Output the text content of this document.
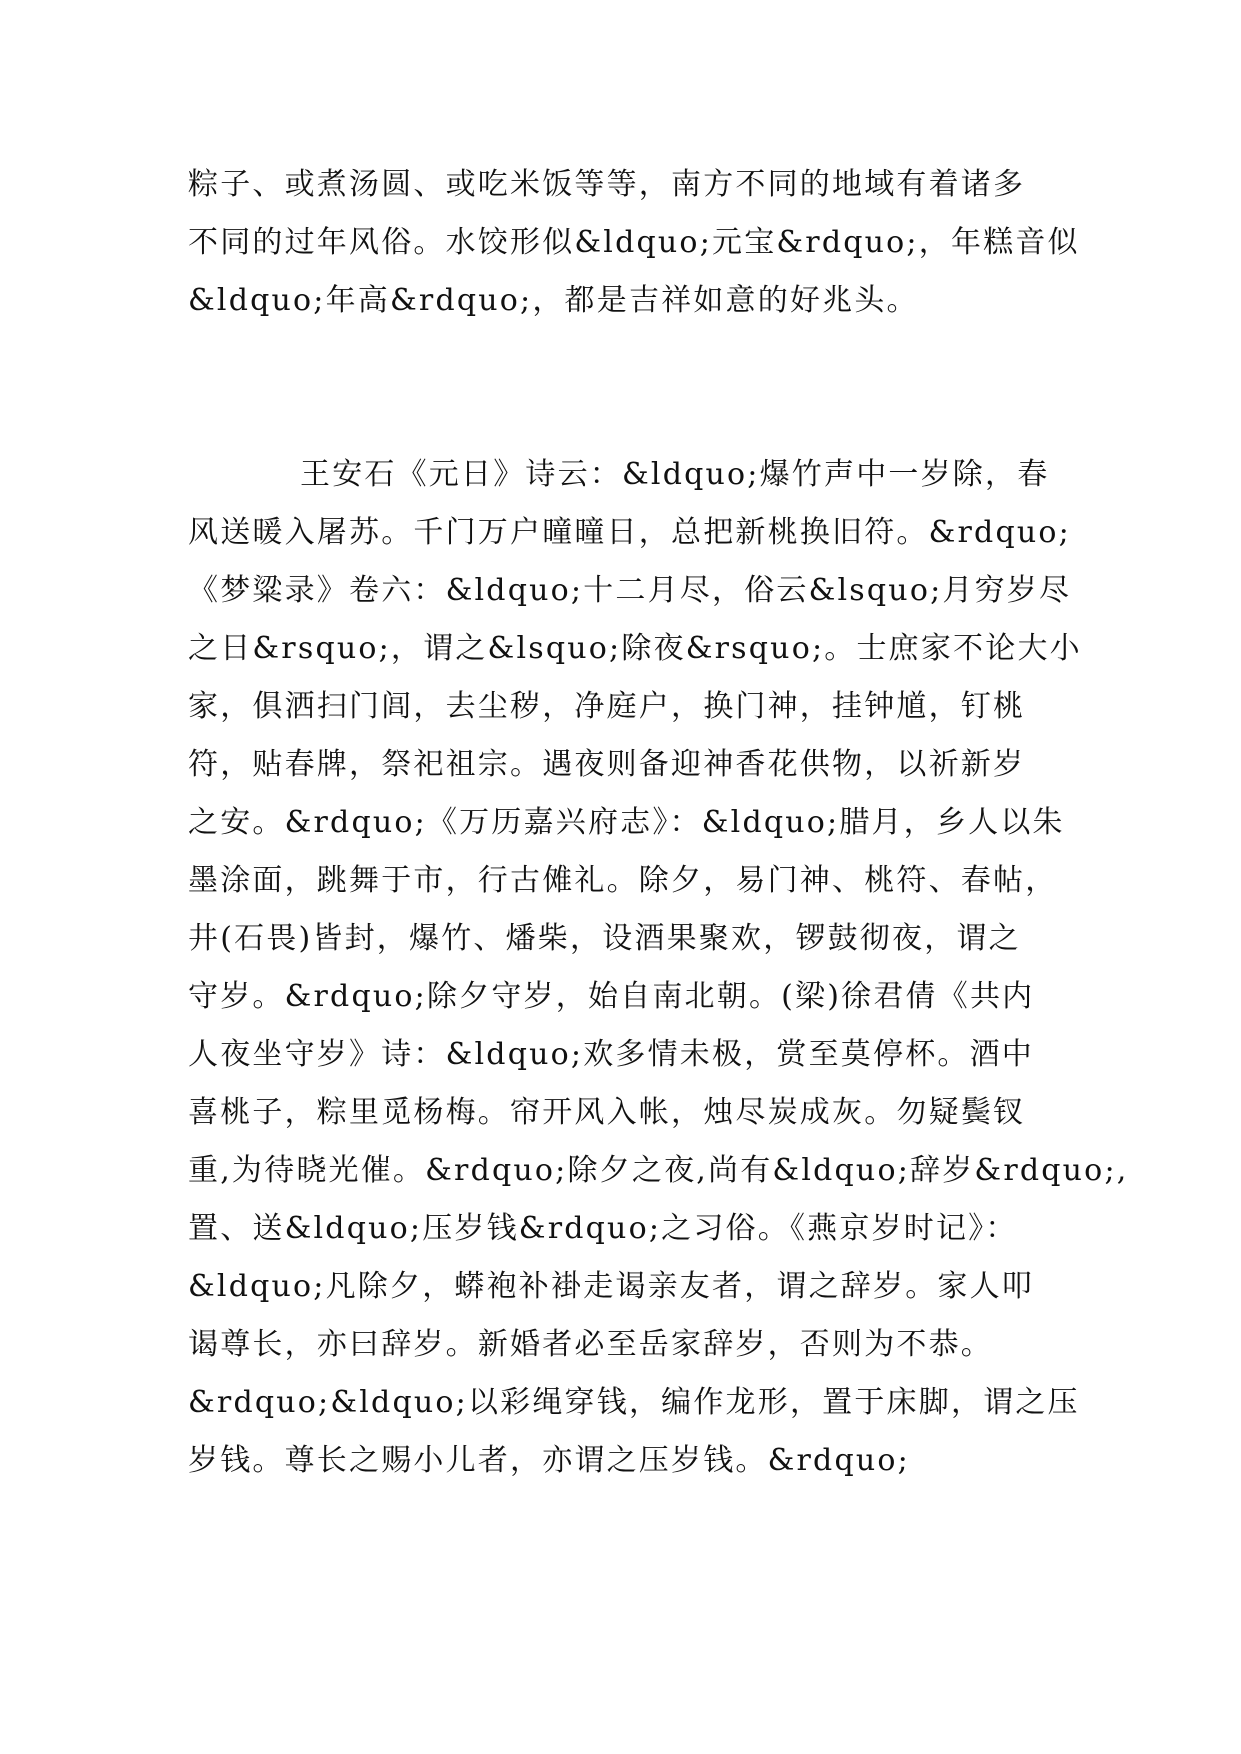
粽子、或煮汤圆、或吃米饭等等，南方不同的地域有着诸多
不同的过年风俗。水饺形似&ldquo;元宝&rdquo;，年糕音似
&ldquo;年高&rdquo;，都是吉祥如意的好兆头。
王安石《元日》诗云：&ldquo;爆竹声中一岁除，春
风送暖入屠苏。千门万户曈曈日，总把新桃换旧符。&rdquo;
《梦粱录》卷六：&ldquo;十二月尽，俗云&lsquo;月穷岁尽
之日&rsquo;，谓之&lsquo;除夜&rsquo;。士庶家不论大小
家，俱洒扫门闾，去尘秽，净庭户，换门神，挂钟馗，钉桃
符，贴春牌，祭祀祖宗。遇夜则备迎神香花供物，以祈新岁
之安。&rdquo;《万历嘉兴府志》：&ldquo;腊月，乡人以朱
墨涂面，跳舞于市，行古傩礼。除夕，易门神、桃符、春帖，
井(石畏)皆封，爆竹、燔柴，设酒果聚欢，锣鼓彻夜，谓之
守岁。&rdquo;除夕守岁，始自南北朝。(梁)徐君倩《共内
人夜坐守岁》诗：&ldquo;欢多情未极，赏至莫停杯。酒中
喜桃子，粽里觅杨梅。帘开风入帐，烛尽炭成灰。勿疑鬓钗
重,为待晓光催。&rdquo;除夕之夜,尚有&ldquo;辞岁&rdquo;,
置、送&ldquo;压岁钱&rdquo;之习俗。《燕京岁时记》：
&ldquo;凡除夕，蟒袍补褂走谒亲友者，谓之辞岁。家人叩
谒尊长，亦曰辞岁。新婚者必至岳家辞岁，否则为不恭。
&rdquo;&ldquo;以彩绳穿钱，编作龙形，置于床脚，谓之压
岁钱。尊长之赐小儿者，亦谓之压岁钱。&rdquo;
